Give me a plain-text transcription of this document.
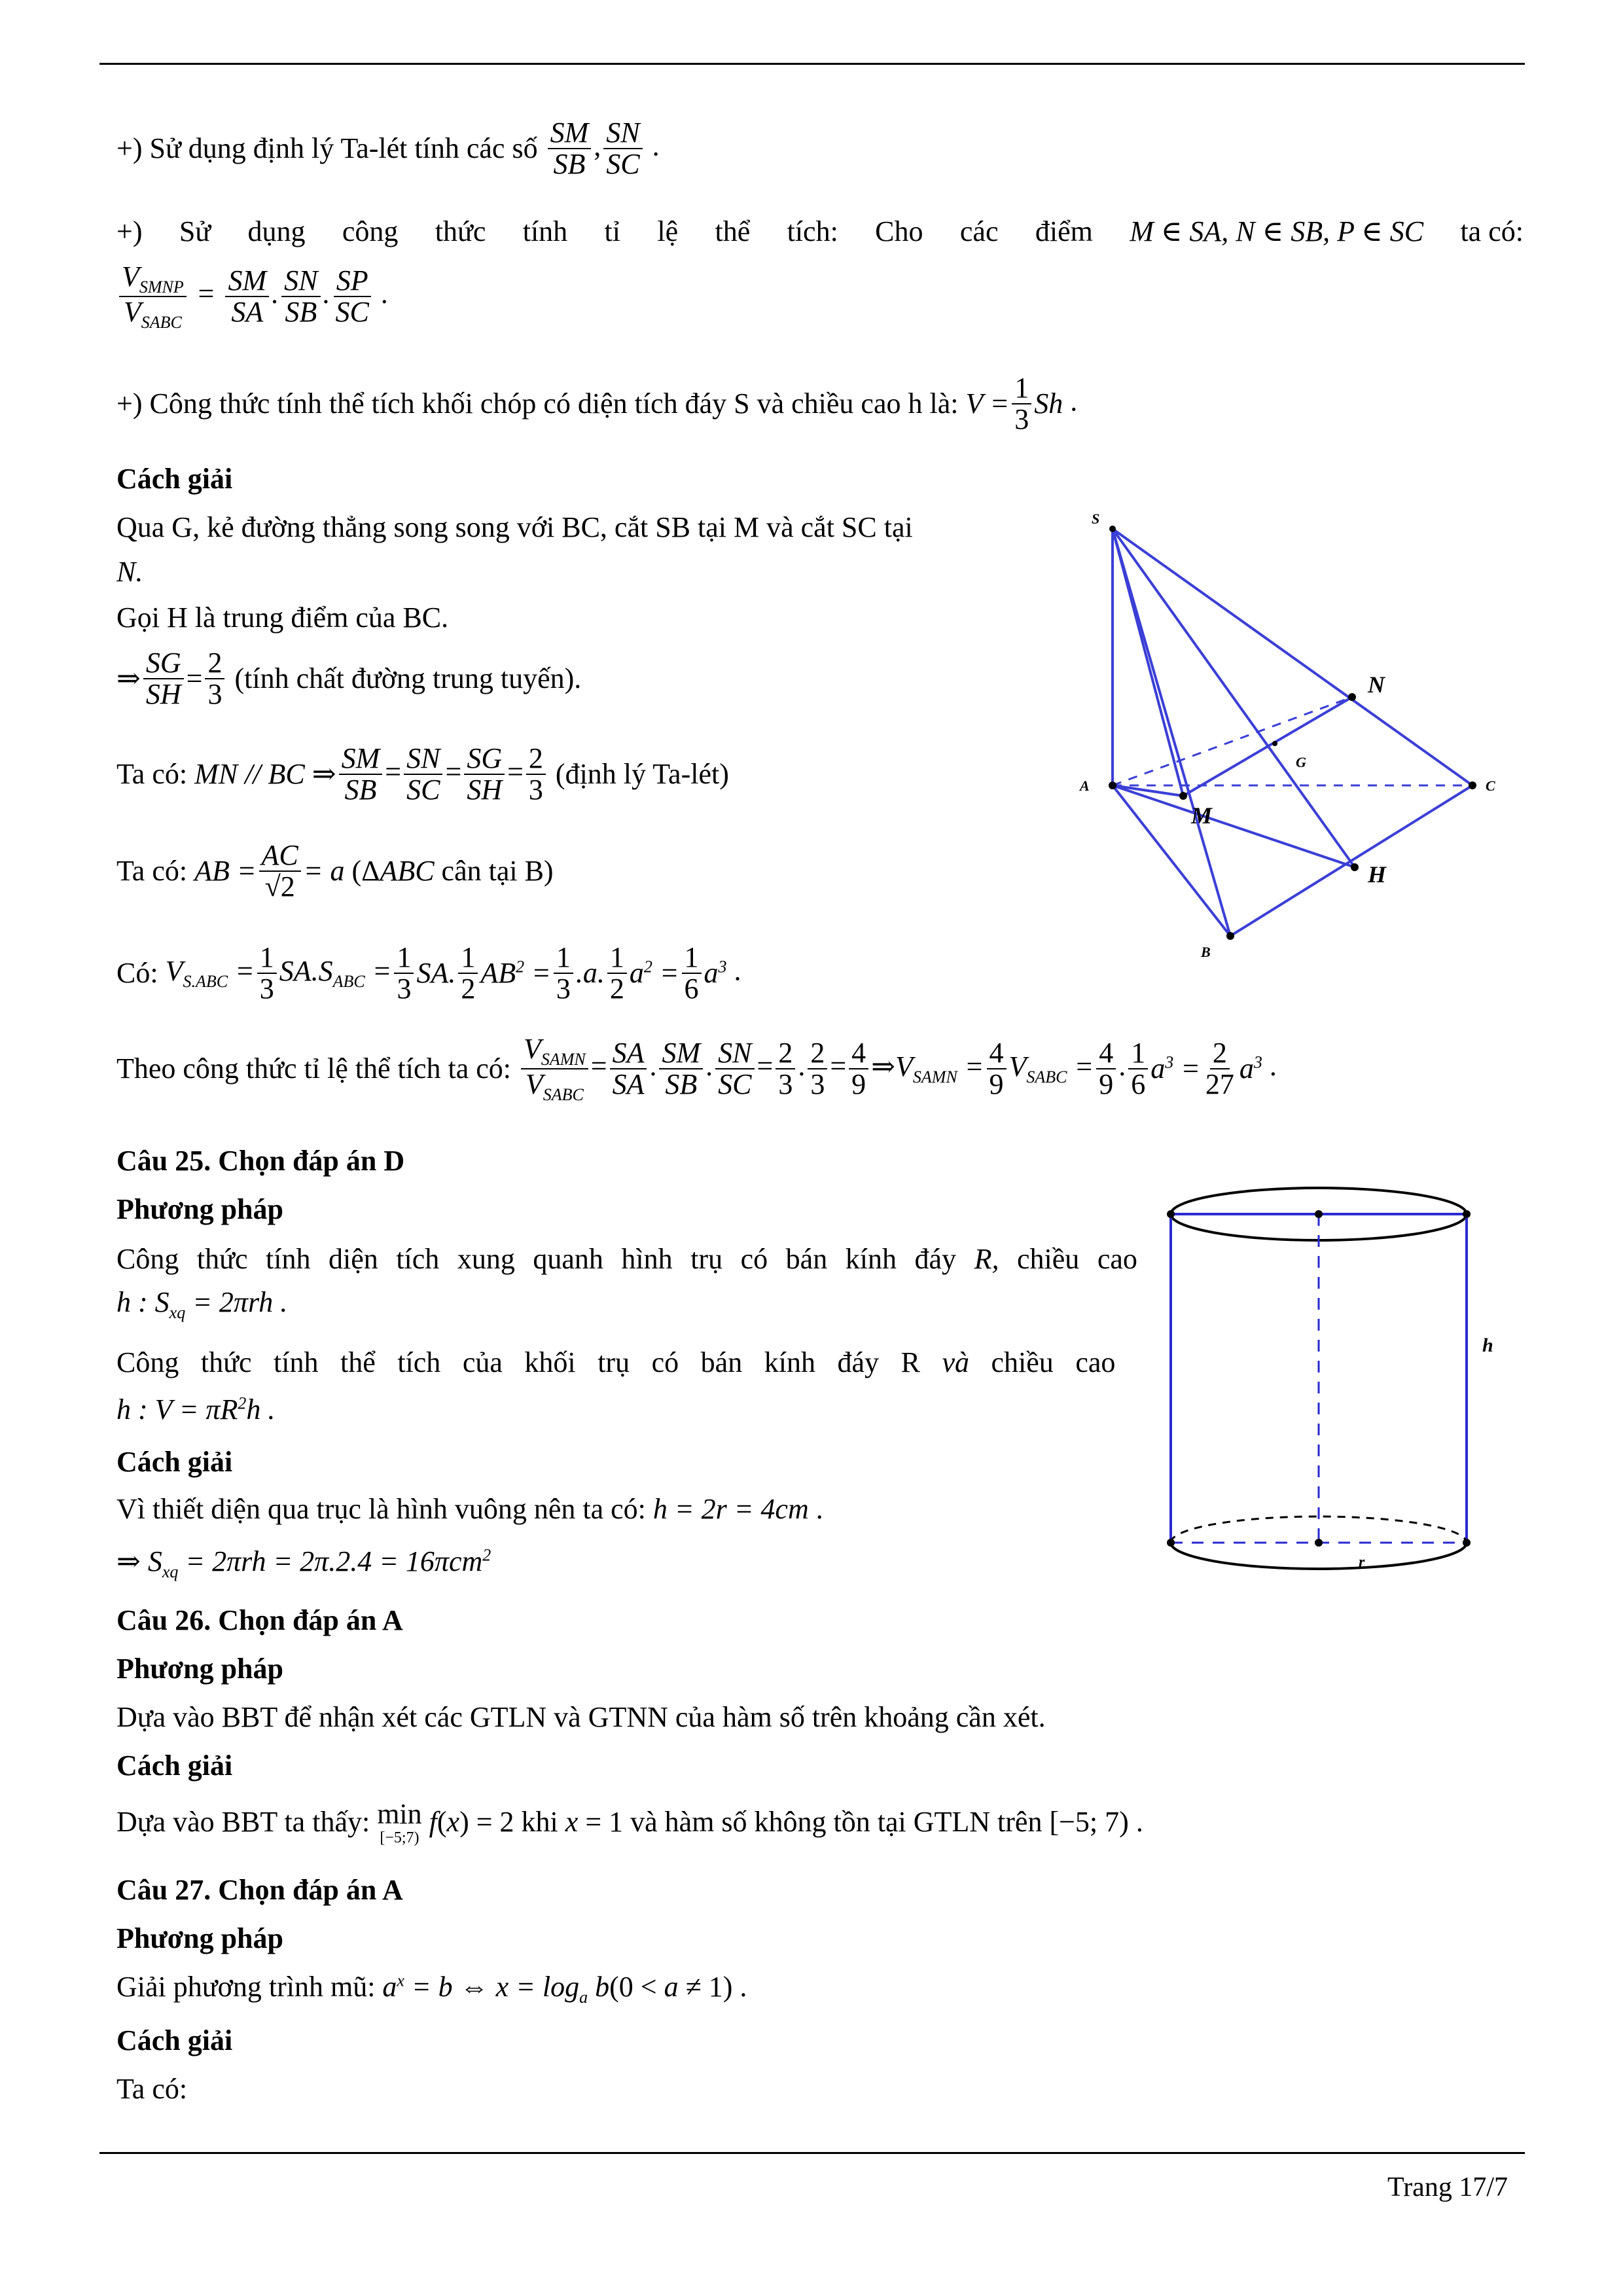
+) Sử dụng định lý Ta-lét tính các số $\frac{SM}{SB}$ , $\frac{SN}{SC}$ .
+) Sử dụng công thức tính tỉ lệ thể tích: Cho các điểm M ∈ SA, N ∈ SB, P ∈ SC ta có:
$\frac{V_{SMNP}}{V_{SABC}} = \frac{SM}{SA}$ . $\frac{SN}{SB}$ . $\frac{SP}{SC}$ .
+) Công thức tính thể tích khối chóp có diện tích đáy S và chiều cao h là: $V = \frac{1}{3}$ Sh .
Cách giải
Qua G, kẻ đường thẳng song song với BC, cắt SB tại M và cắt SC tại
N.
Gọi H là trung điểm của BC.
⇒ $\frac{SG}{SH} = \frac{2}{3}$ (tính chất đường trung tuyến).
Ta có: MN // BC ⇒ $\frac{SM}{SB} = \frac{SN}{SC} = \frac{SG}{SH} = \frac{2}{3}$ (định lý Ta-lét)
Ta có: AB = $\frac{AC}{√2} = a$ (ΔABC cân tại B)
Có: $V_{S.ABC} = \frac{1}{3} SA.S_{ABC} = \frac{1}{3}$ SA. $\frac{1}{2} AB^2 = \frac{1}{3} .a$. $\frac{1}{2} a^2 = \frac{1}{6} a^3$ .
Theo công thức tỉ lệ thể tích ta có: $\frac{V_{SAMN}}{V_{SABC}} = \frac{SA}{SA}$ . $\frac{SM}{SB}$ . $\frac{SN}{SC} = \frac{2}{3}$ . $\frac{2}{3} = \frac{4}{9}$ $\Rightarrow V_{SAMN} = \frac{4}{9} V_{SABC} = \frac{4}{9}$ . $\frac{1}{6} a^3 = \frac{2}{27} a^3$ .
S
A
B
C
N
G
M
H
Câu 25. Chọn đáp án D
Phương pháp
Công thức tính diện tích xung quanh hình trụ có bán kính đáy R, chiều cao
h : $S_{xq} = 2\pi rh$ .
Công thức tính thể tích của khối trụ có bán kính đáy R và chiều cao
h : $V = \pi R^2h$ .
Cách giải
Vì thiết diện qua trục là hình vuông nên ta có: h = 2r = 4cm .
⇒ $S_{xq} = 2\pi rh = 2\pi.2.4 = 16\pi cm^2$
h
r
Câu 26. Chọn đáp án A
Phương pháp
Dựa vào BBT để nhận xét các GTLN và GTNN của hàm số trên khoảng cần xét.
Cách giải
Dựa vào BBT ta thấy: min
[−5;7)
f(x) = 2 khi x = 1 và hàm số không tồn tại GTLN trên [−5; 7) .
Câu 27. Chọn đáp án A
Phương pháp
Giải phương trình mũ: $a^x = b$ ⇔ $x = \log_a b(0 < a \ne 1)$ .
Cách giải
Ta có:
Trang 17/7
